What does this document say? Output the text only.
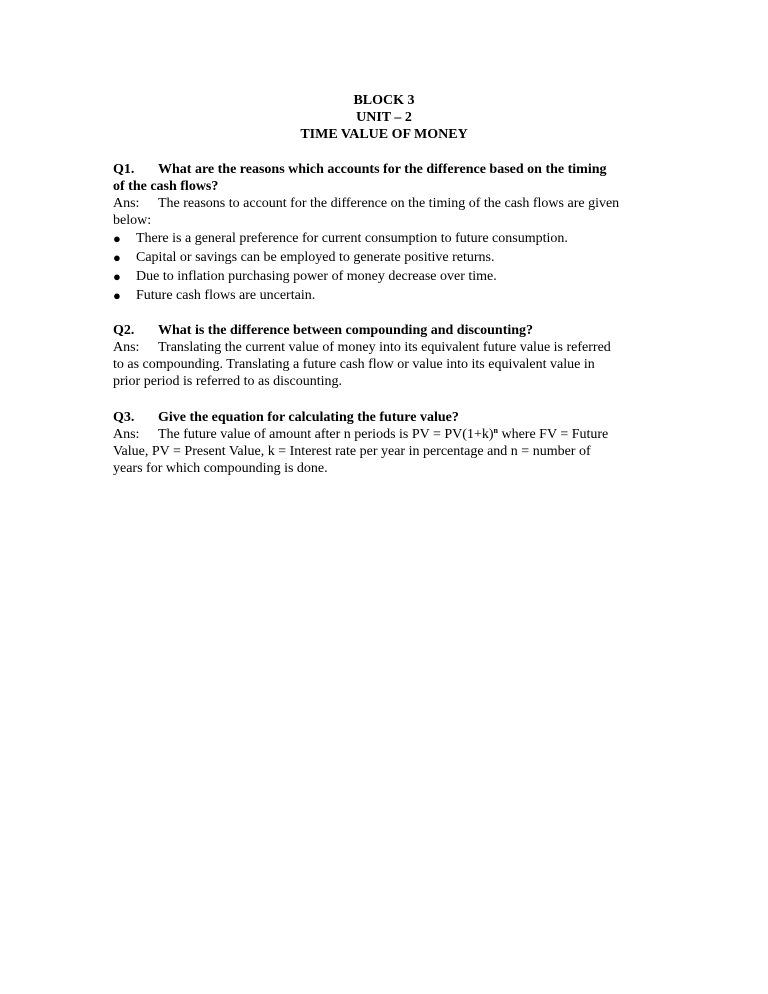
BLOCK 3
UNIT – 2
TIME VALUE OF MONEY
Q1. What are the reasons which accounts for the difference based on the timing
of the cash flows?
Ans: The reasons to account for the difference on the timing of the cash flows are given
below:
● There is a general preference for current consumption to future consumption.
● Capital or savings can be employed to generate positive returns.
● Due to inflation purchasing power of money decrease over time.
● Future cash flows are uncertain.
Q2. What is the difference between compounding and discounting?
Ans: Translating the current value of money into its equivalent future value is referred
to as compounding. Translating a future cash flow or value into its equivalent value in
prior period is referred to as discounting.
Q3. Give the equation for calculating the future value?
Ans: The future value of amount after n periods is PV = $PV(1+k)^n$ where FV = Future
Value, PV = Present Value, k = Interest rate per year in percentage and n = number of
years for which compounding is done.
